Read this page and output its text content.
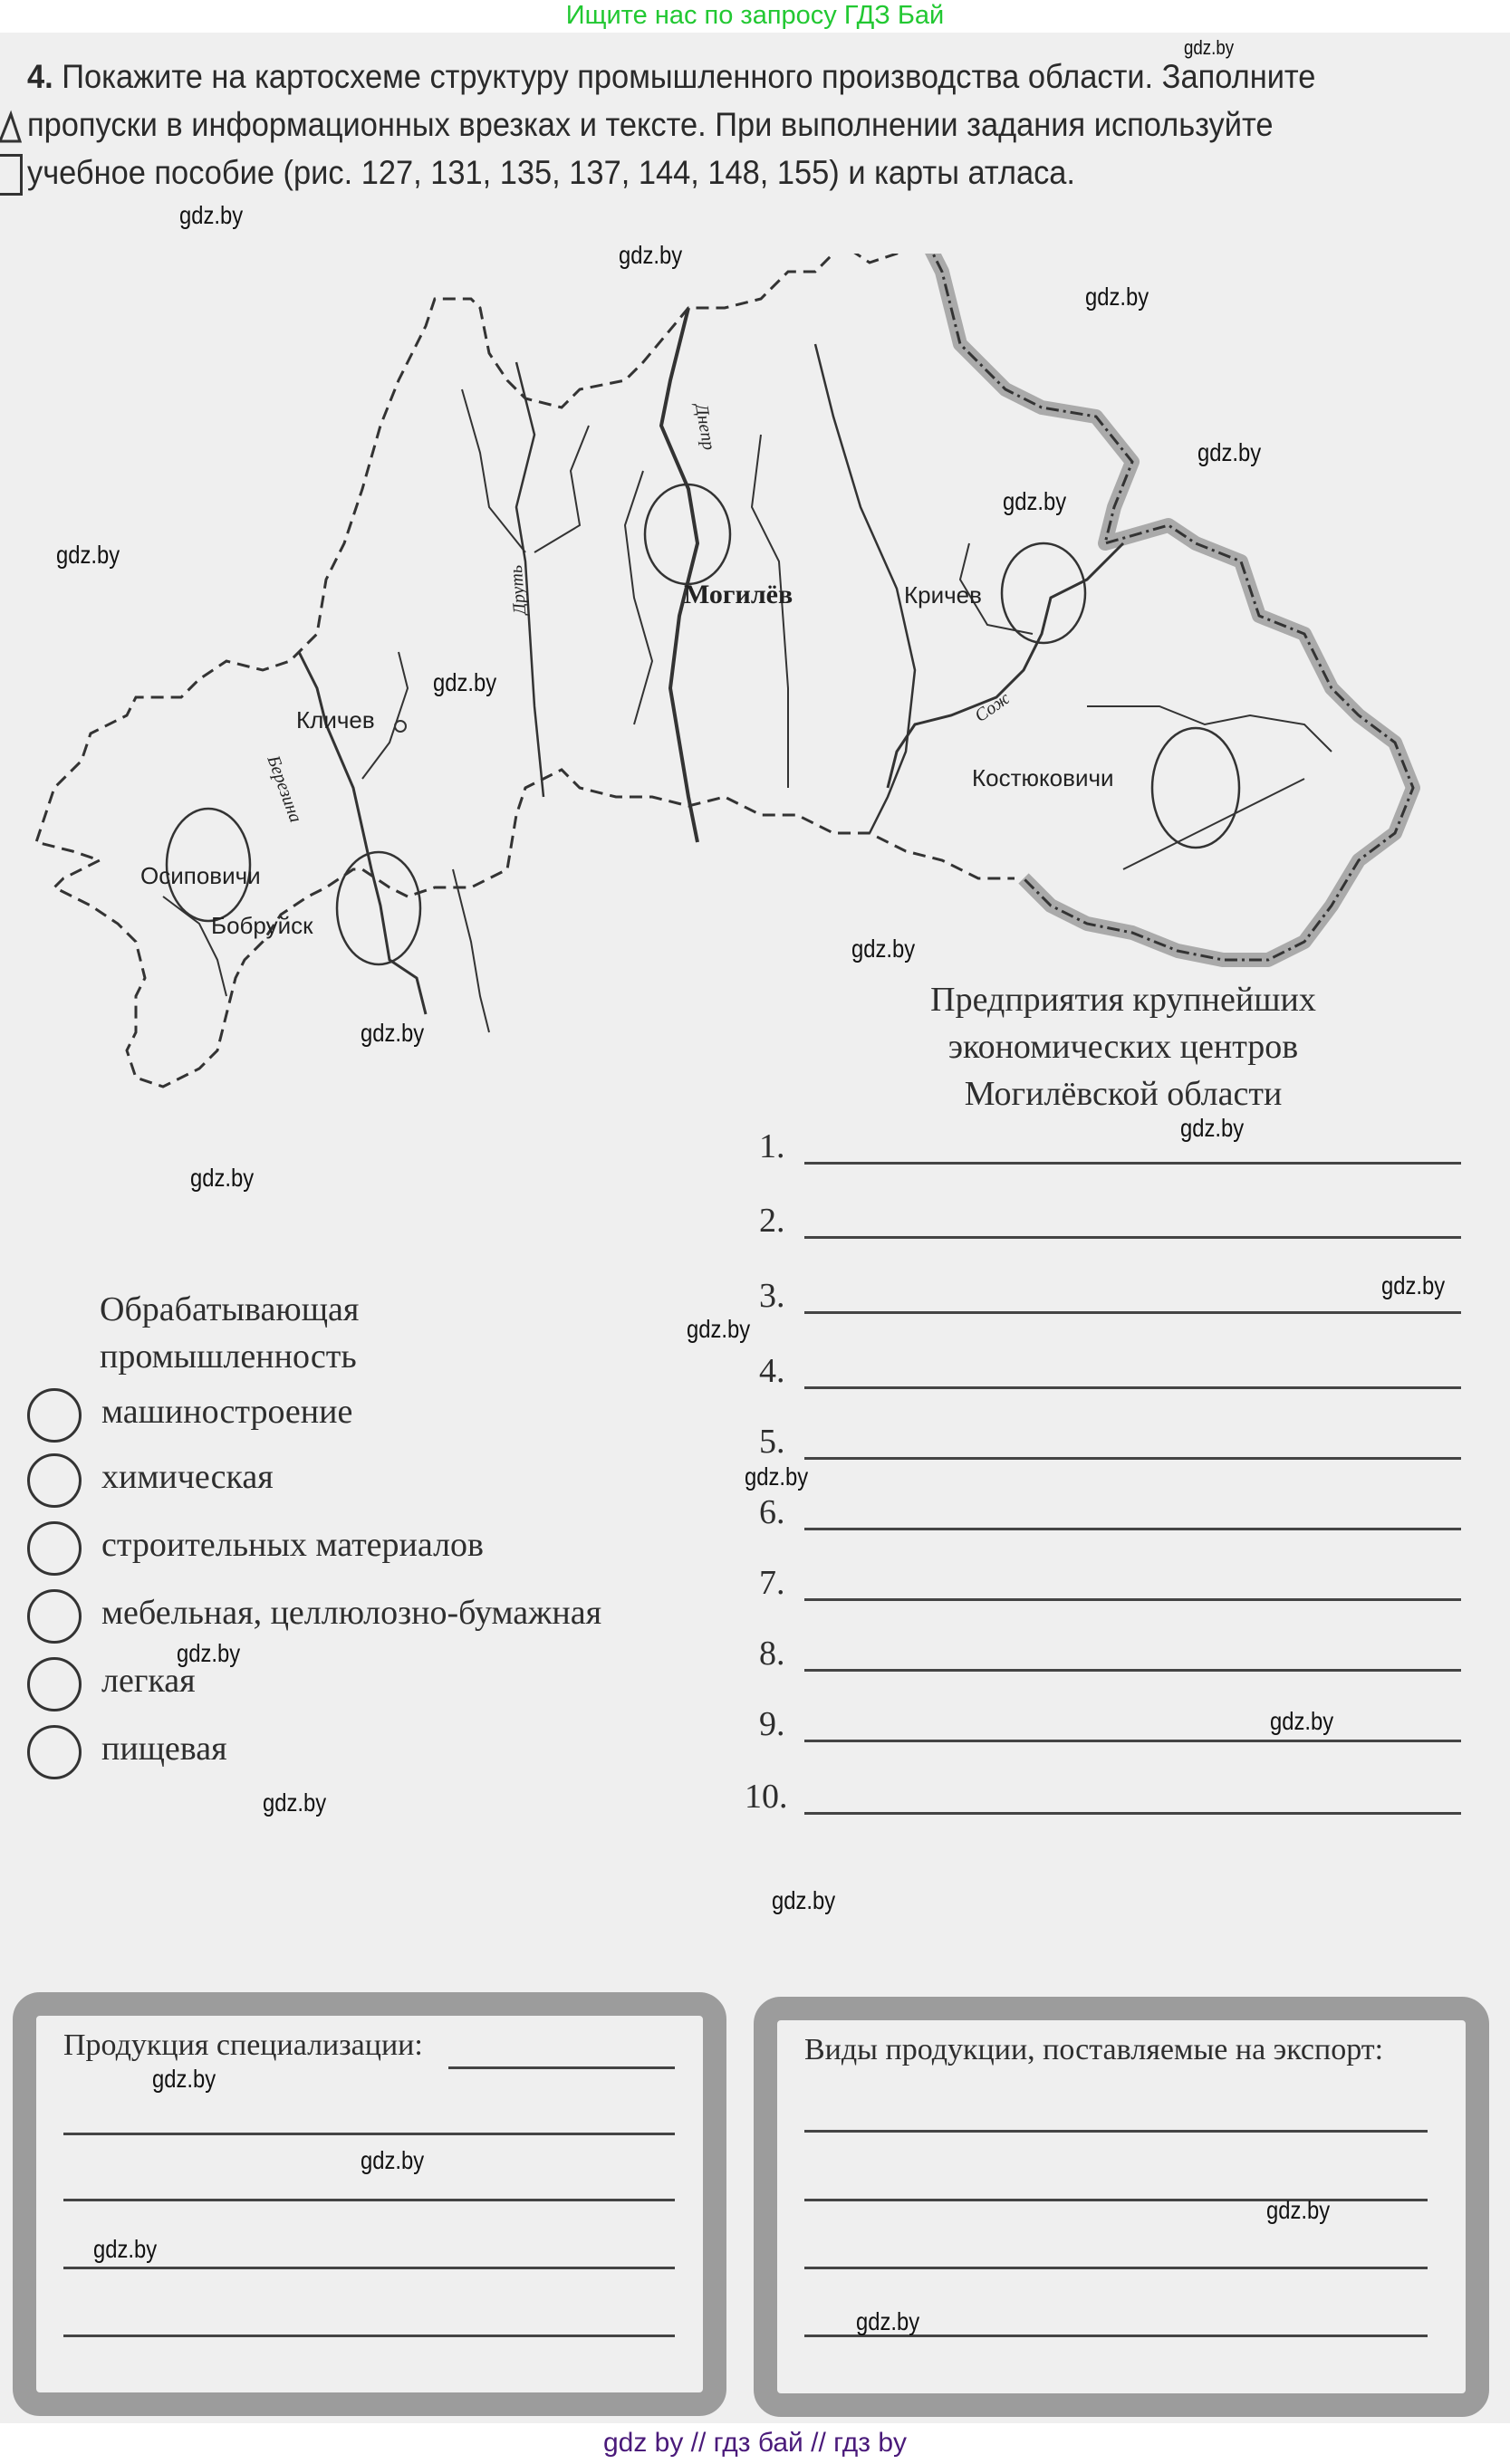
Ищите нас по запросу ГДЗ Бай
4. Покажите на картосхеме структуру промышленного производства области. Заполните пропуски в информационных врезках и тексте. При выполнении задания используйте учебное пособие (рис. 127, 131, 135, 137, 144, 148, 155) и карты атласа.
Могилёв	Кричев
Костюковичи
Кличев
Осиповичи
Бобруйск
Днепр
Друть
Сож
Березина
Предприятия крупнейших
экономических центров
Могилёвской области
1.
2.
3.
4.
5.
6.
7.
8.
9.
10.
Обрабатывающая
промышленность
машиностроение
химическая
строительных материалов
мебельная, целлюлозно-бумажная
легкая
пищевая
Продукция специализации:	Виды продукции, поставляемые на экспорт:
gdz.by
gdz.by
gdz.by
gdz.by
gdz.by
gdz.by
gdz.by
gdz.by
gdz.by
gdz.by
gdz.by
gdz.by
gdz.by
gdz.by
gdz.by
gdz.by
gdz.by
gdz.by
gdz.by
gdz.by
gdz.by
gdz.by
gdz.by
gdz.by
gdz by // гдз бай // гдз by
